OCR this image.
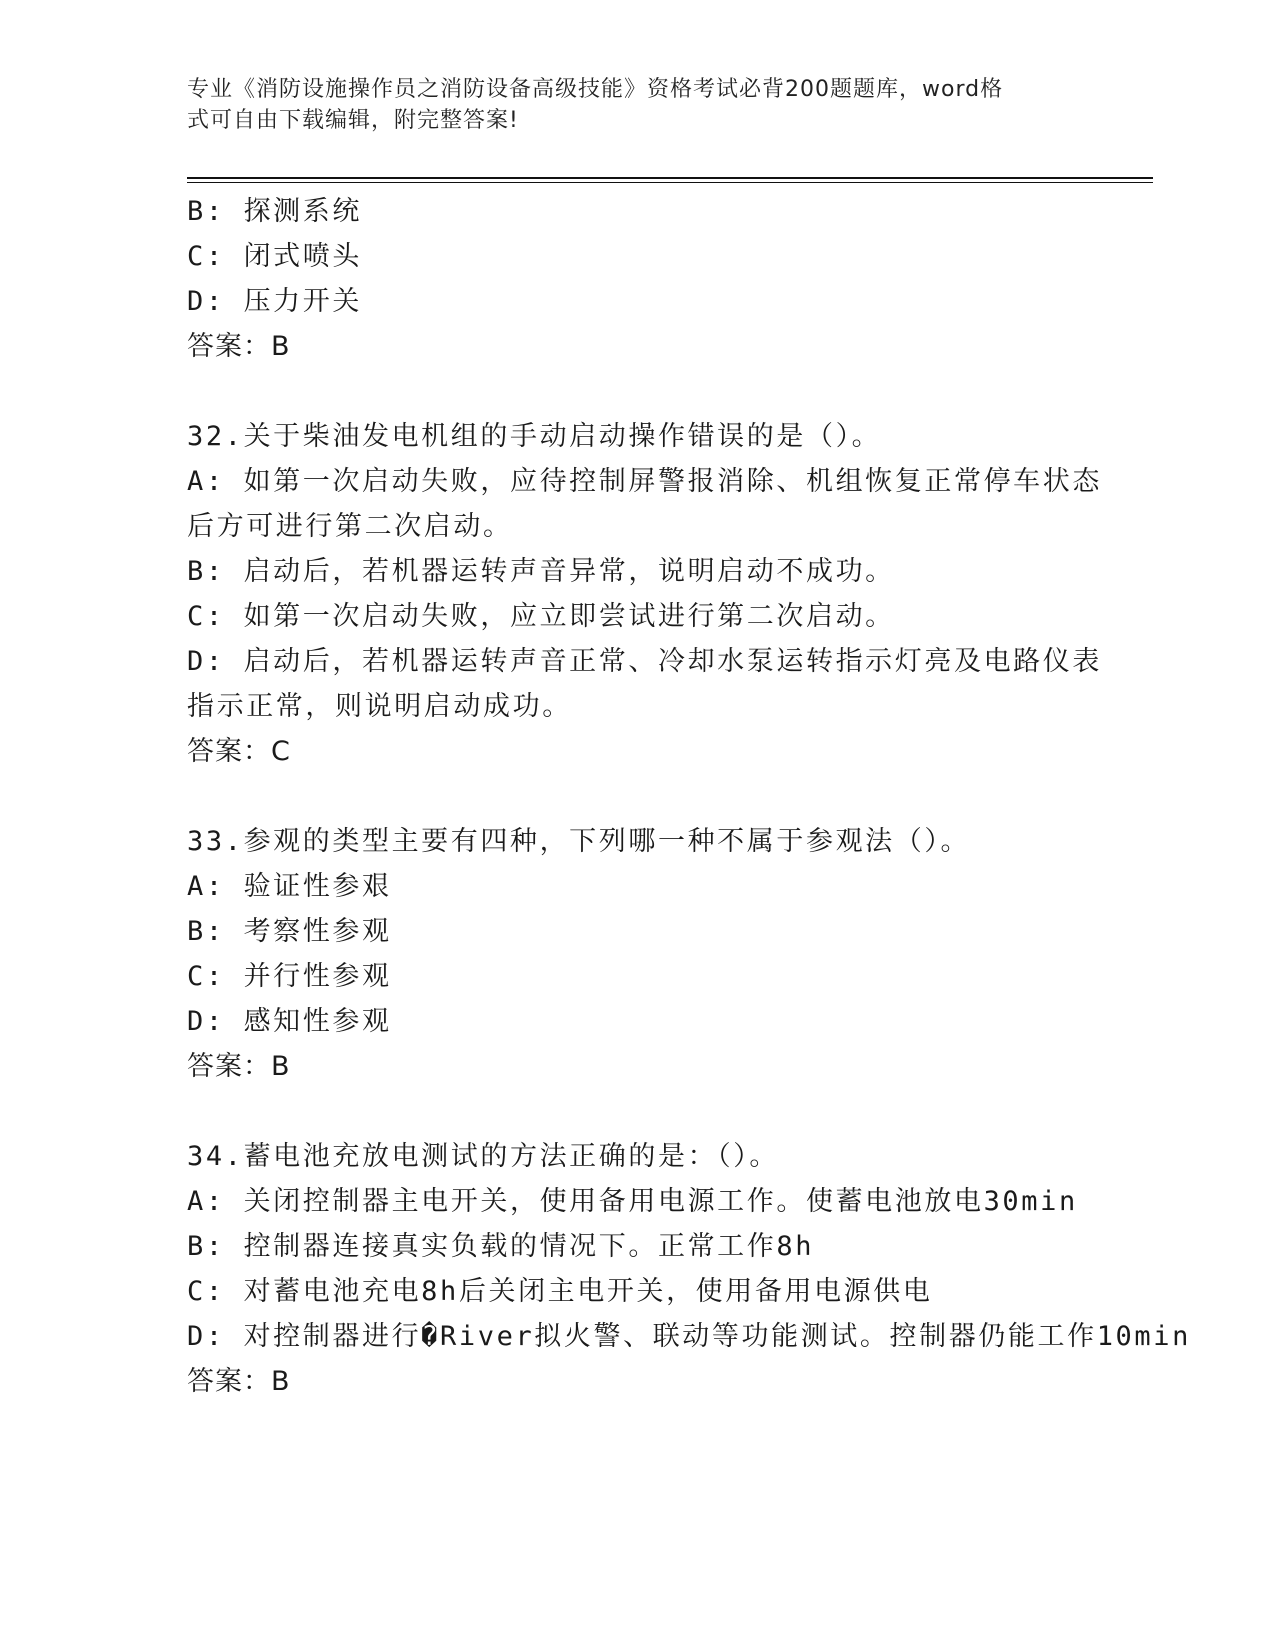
专业《消防设施操作员之消防设备高级技能》资格考试必背200题题库，word格
式可自由下载编辑，附完整答案!
B: 探测系统
C: 闭式喷头
D: 压力开关
答案：B
32.关于柴油发电机组的手动启动操作错误的是（）。
A: 如第一次启动失败，应待控制屏警报消除、机组恢复正常停车状态
后方可进行第二次启动。
B: 启动后，若机器运转声音异常，说明启动不成功。
C: 如第一次启动失败，应立即尝试进行第二次启动。
D: 启动后，若机器运转声音正常、冷却水泵运转指示灯亮及电路仪表
指示正常，则说明启动成功。
答案：C
33.参观的类型主要有四种，下列哪一种不属于参观法（）。
A: 验证性参艰
B: 考察性参观
C: 并行性参观
D: 感知性参观
答案：B
34.蓄电池充放电测试的方法正确的是：（）。
A: 关闭控制器主电开关，使用备用电源工作。使蓄电池放电30min
B: 控制器连接真实负载的情况下。正常工作8h
C: 对蓄电池充电8h后关闭主电开关，使用备用电源供电
D: 对控制器进行�River拟火警、联动等功能测试。控制器仍能工作10min
答案：B
